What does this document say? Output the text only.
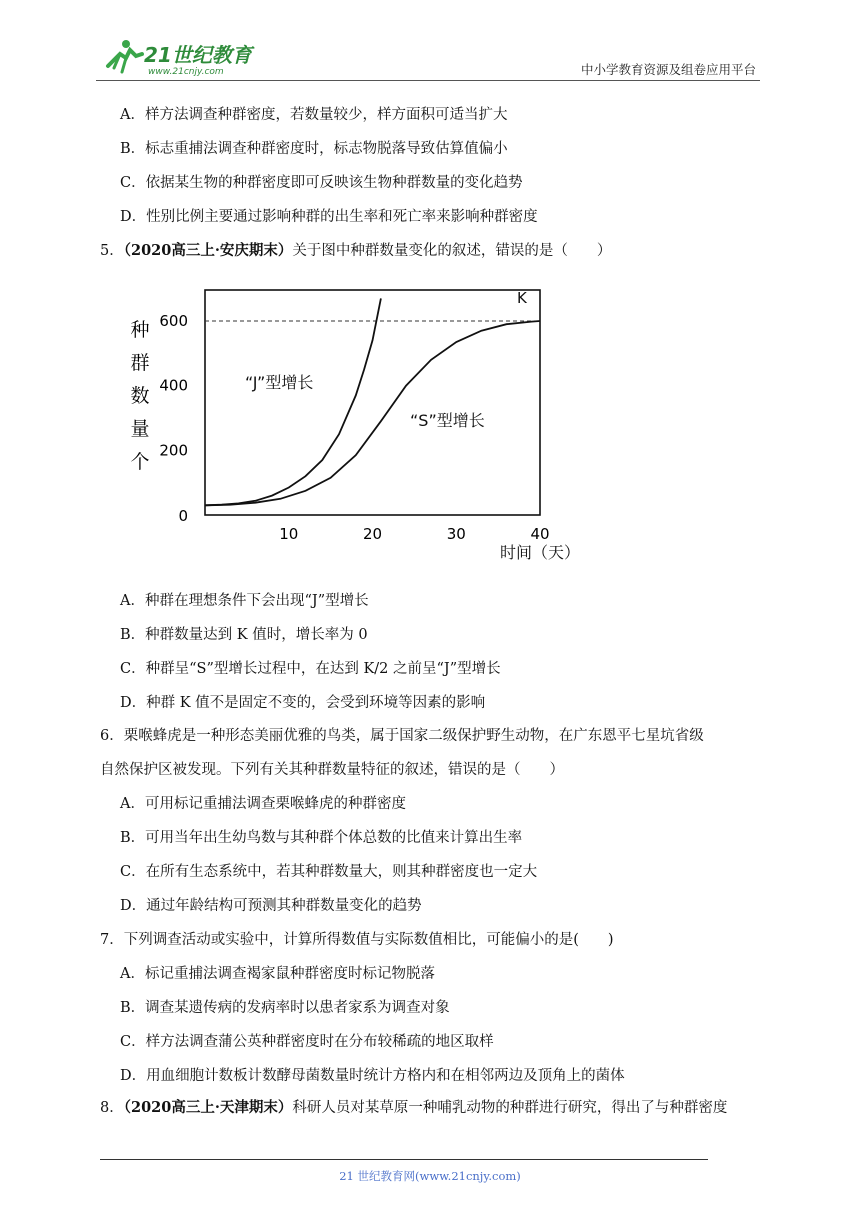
21世纪教育
www.21cnjy.com	中小学教育资源及组卷应用平台
A．样方法调查种群密度，若数量较少，样方面积可适当扩大
B．标志重捕法调查种群密度时，标志物脱落导致估算值偏小
C．依据某生物的种群密度即可反映该生物种群数量的变化趋势
D．性别比例主要通过影响种群的出生率和死亡率来影响种群密度
5．（2020高三上·安庆期末）关于图中种群数量变化的叙述，错误的是（　　）
种
群
数
量
个
时间（天）
10	20	30	40
0
200
400
600
K
“J”型增长
“S”型增长
A．种群在理想条件下会出现“J”型增长
B．种群数量达到 K 值时，增长率为 0
C．种群呈“S”型增长过程中，在达到 K/2 之前呈“J”型增长
D．种群 K 值不是固定不变的，会受到环境等因素的影响
6．栗喉蜂虎是一种形态美丽优雅的鸟类，属于国家二级保护野生动物，在广东恩平七星坑省级
自然保护区被发现。下列有关其种群数量特征的叙述，错误的是（　　）
A．可用标记重捕法调查栗喉蜂虎的种群密度
B．可用当年出生幼鸟数与其种群个体总数的比值来计算出生率
C．在所有生态系统中，若其种群数量大，则其种群密度也一定大
D．通过年龄结构可预测其种群数量变化的趋势
7．下列调查活动或实验中，计算所得数值与实际数值相比，可能偏小的是(　　)
A．标记重捕法调查褐家鼠种群密度时标记物脱落
B．调查某遗传病的发病率时以患者家系为调查对象
C．样方法调查蒲公英种群密度时在分布较稀疏的地区取样
D．用血细胞计数板计数酵母菌数量时统计方格内和在相邻两边及顶角上的菌体
8．（2020高三上·天津期末）科研人员对某草原一种哺乳动物的种群进行研究，得出了与种群密度
21 世纪教育网(www.21cnjy.com)
